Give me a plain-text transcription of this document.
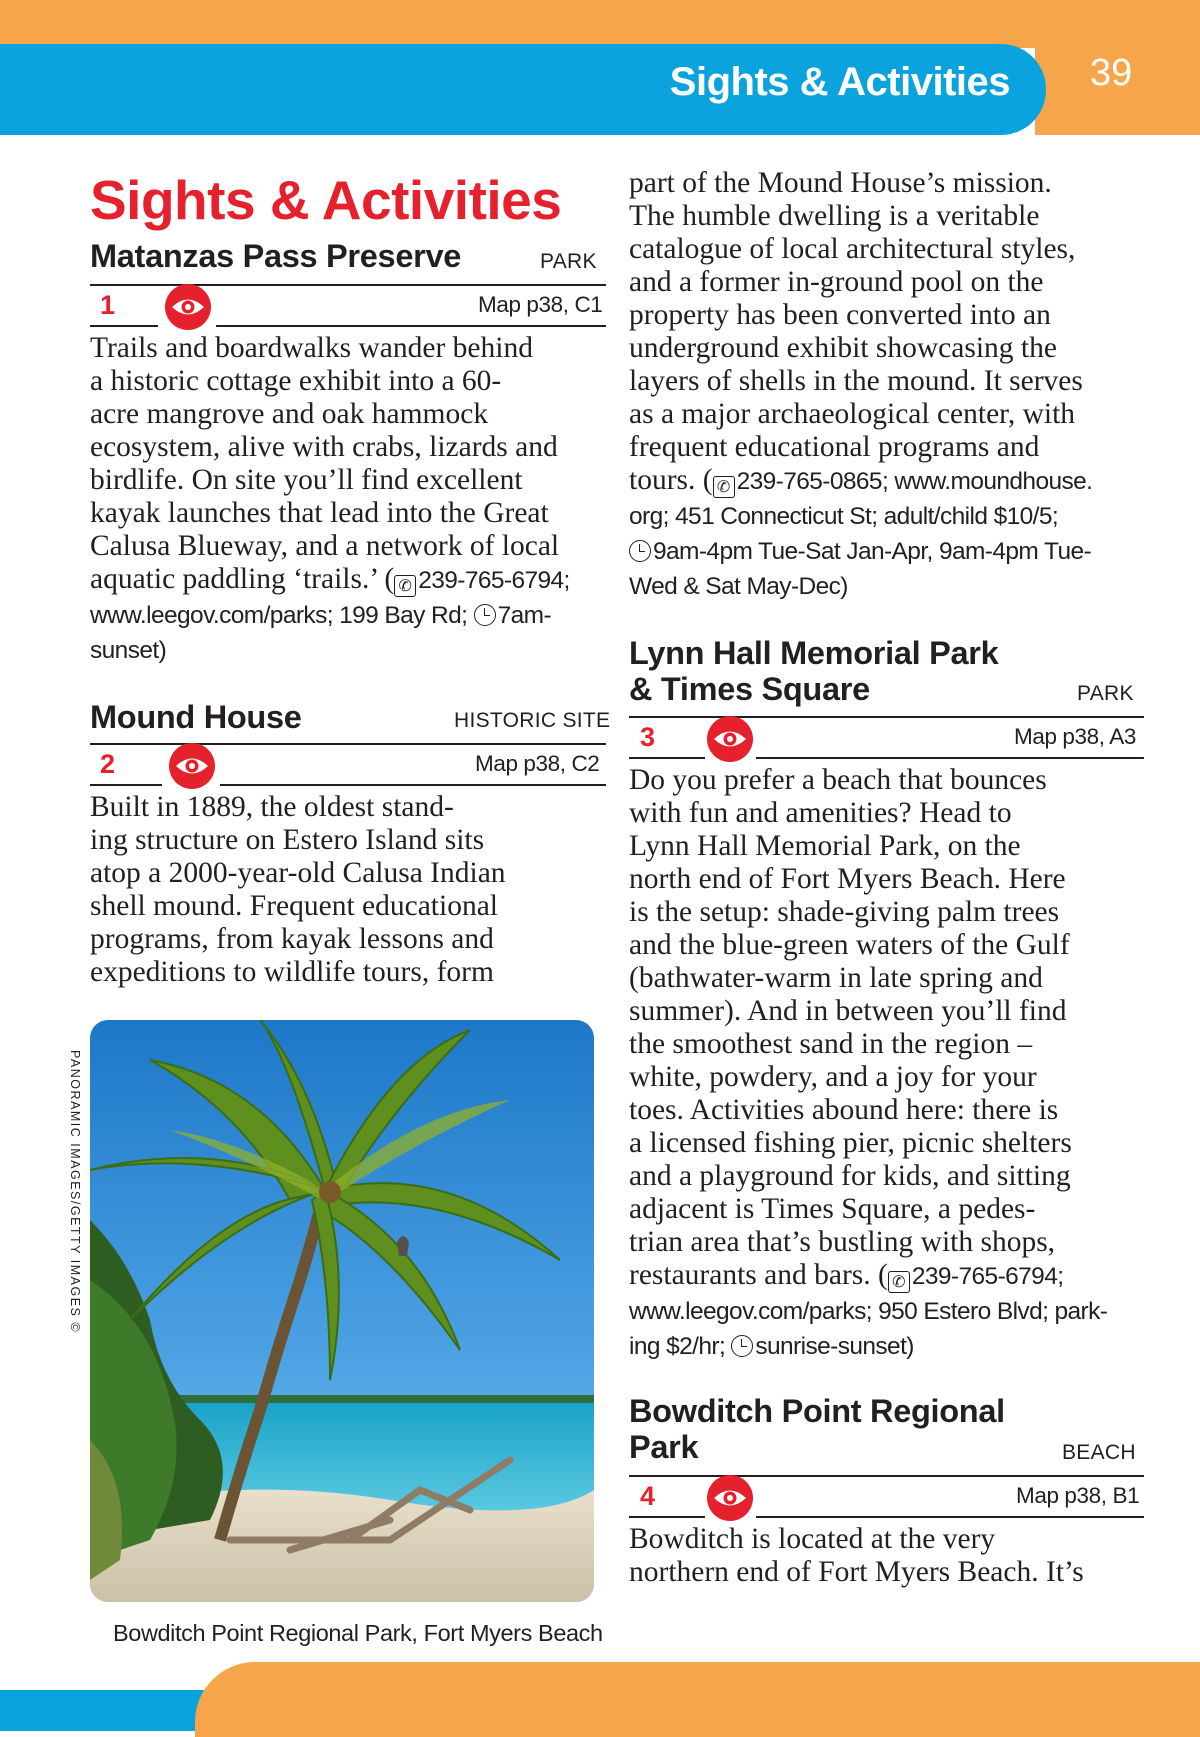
Sights & Activities 39
Sights & Activities
Matanzas Pass Preserve	PARK
1	Map p38, C1
Trails and boardwalks wander behind
a historic cottage exhibit into a 60-
acre mangrove and oak hammock
ecosystem, alive with crabs, lizards and
birdlife. On site you’ll find excellent
kayak launches that lead into the Great
Calusa Blueway, and a network of local
aquatic paddling ‘trails.’ ( ✆ 239-765-6794;
www.leegov.com/parks; 199 Bay Rd; 7am-
sunset)
Mound House	HISTORIC SITE
2	Map p38, C2
Built in 1889, the oldest stand-
ing structure on Estero Island sits
atop a 2000-year-old Calusa Indian
shell mound. Frequent educational
programs, from kayak lessons and
expeditions to wildlife tours, form
PANORAMIC IMAGES/GETTY IMAGES ©
Bowditch Point Regional Park, Fort Myers Beach
part of the Mound House’s mission.
The humble dwelling is a veritable
catalogue of local architectural styles,
and a former in-ground pool on the
property has been converted into an
underground exhibit showcasing the
layers of shells in the mound. It serves
as a major archaeological center, with
frequent educational programs and
tours. ( ✆ 239-765-0865; www.moundhouse.
org; 451 Connecticut St; adult/child $10/5;
9am-4pm Tue-Sat Jan-Apr, 9am-4pm Tue-
Wed & Sat May-Dec)
Lynn Hall Memorial Park
& Times Square	PARK
3	Map p38, A3
Do you prefer a beach that bounces
with fun and amenities? Head to
Lynn Hall Memorial Park, on the
north end of Fort Myers Beach. Here
is the setup: shade-giving palm trees
and the blue-green waters of the Gulf
(bathwater-warm in late spring and
summer). And in between you’ll find
the smoothest sand in the region –
white, powdery, and a joy for your
toes. Activities abound here: there is
a licensed fishing pier, picnic shelters
and a playground for kids, and sitting
adjacent is Times Square, a pedes-
trian area that’s bustling with shops,
restaurants and bars. ( ✆ 239-765-6794;
www.leegov.com/parks; 950 Estero Blvd; park-
ing $2/hr; sunrise-sunset)
Bowditch Point Regional
Park	BEACH
4	Map p38, B1
Bowditch is located at the very
northern end of Fort Myers Beach. It’s
